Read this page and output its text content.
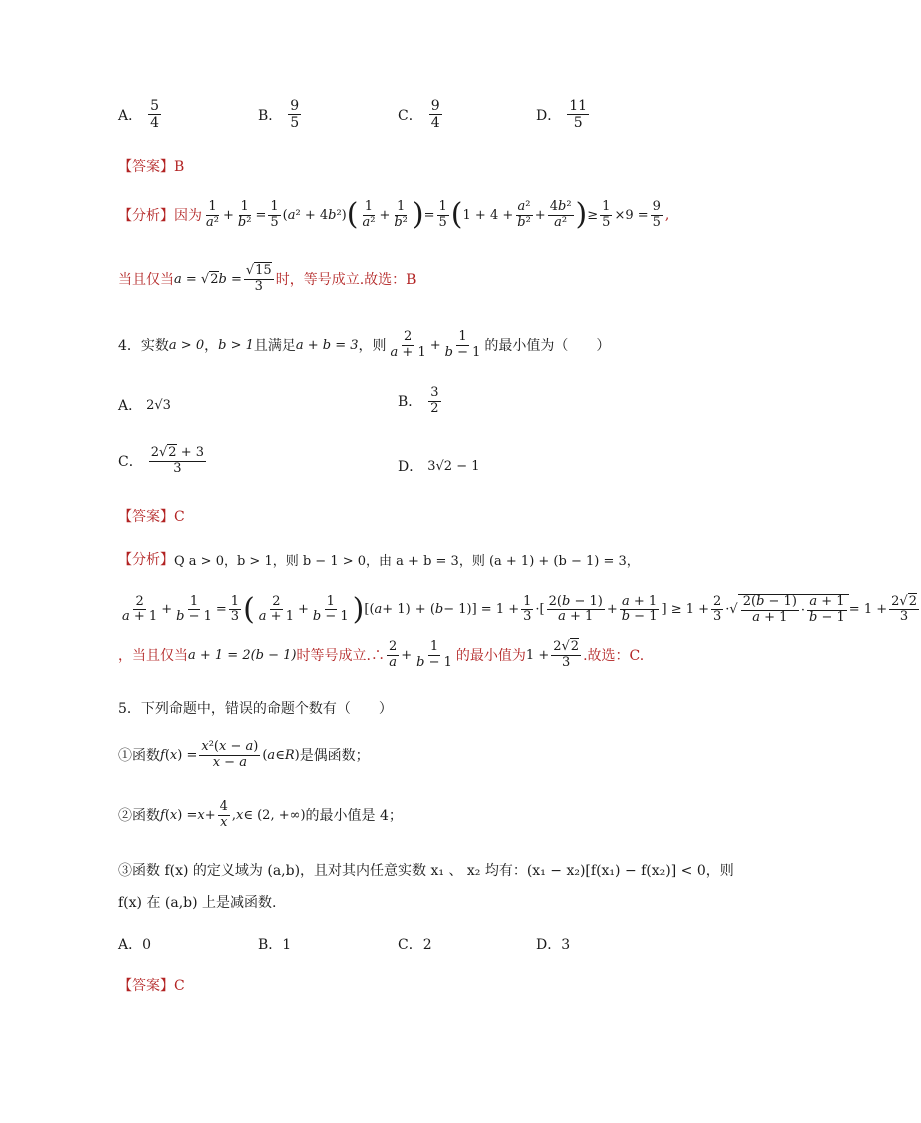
A． $\frac{5}{4}$	B． $\frac{9}{5}$	C． $\frac{9}{4}$	D． $\frac{11}{5}$
【答案】B
【分析】 因为 $\frac{1}{\text{a²}} + \frac{1}{\text{b²}} = \frac{1}{5}$ ( a ² + 4 b ²) ( $\frac{1}{\text{a²}} + \frac{1}{\text{b²}}$ ) = $\frac{1}{5}$ ( $1 + 4 + \frac{\text{a²}}{\text{b²}} + \frac{\text{4b²}}{\text{a²}}$ ) ≥ $\frac{1}{5} \times 9 = \frac{9}{5}$ ,
当且仅当 a = √ 2 $b = \frac{√15}{3}$ 时，等号成立.故选：B
4． 实数 a > 0 ， b > 1 且满足 a + b = 3 ，则 $\frac{2}{a + 1} + \frac{1}{b - 1}$ 的最小值为（　　）
A． 2√3	B． $\frac{3}{2}$
C． $\frac{2√2 + 3}{3}$	D． 3√2 − 1
【答案】C
【分析】 Q a > 0，b > 1，则 b − 1 > 0，由 a + b = 3，则 (a + 1) + (b − 1) = 3，
$\frac{2}{a + 1} + \frac{1}{b - 1} = \frac{1}{3}$ ( $\frac{2}{a + 1} + \frac{1}{b - 1}$ ) [( a + 1) + ( $b - 1)] = 1 + \frac{1}{3}$ ·[ $\frac{2(b - 1)}{a + 1} + \frac{a + 1}{b - 1}$ ] ≥ $1 + \frac{2}{3}$ ·√ $\frac{2(b - 1)}{a + 1} \cdot \frac{a + 1}{b - 1} = 1 + \frac{2√2}{3}$
，当且仅当 a + 1 = 2(b − 1) 时等号成立.∴ $\frac{2}{a} + \frac{1}{b - 1}$ 的最小值为 $1 + \frac{2√2}{3}$ .故选：C.
5．下列命题中，错误的命题个数有（　　）
①函数 f ( x ) = $\frac{\text{x²(x − a)}}{x - a}$ ( a ∈ R ) 是偶函数；
②函数 f ( x ) = $x + \frac{4}{x}$ , x ∈ (2, +∞) 的最小值是 4；
③函数 f(x) 的定义域为 (a,b)，且对其内任意实数 x₁ 、 x₂ 均有：(x₁ − x₂)[f(x₁) − f(x₂)] < 0，则
f(x) 在 (a,b) 上是减函数.
A．0	B．1	C．2	D．3
【答案】C
